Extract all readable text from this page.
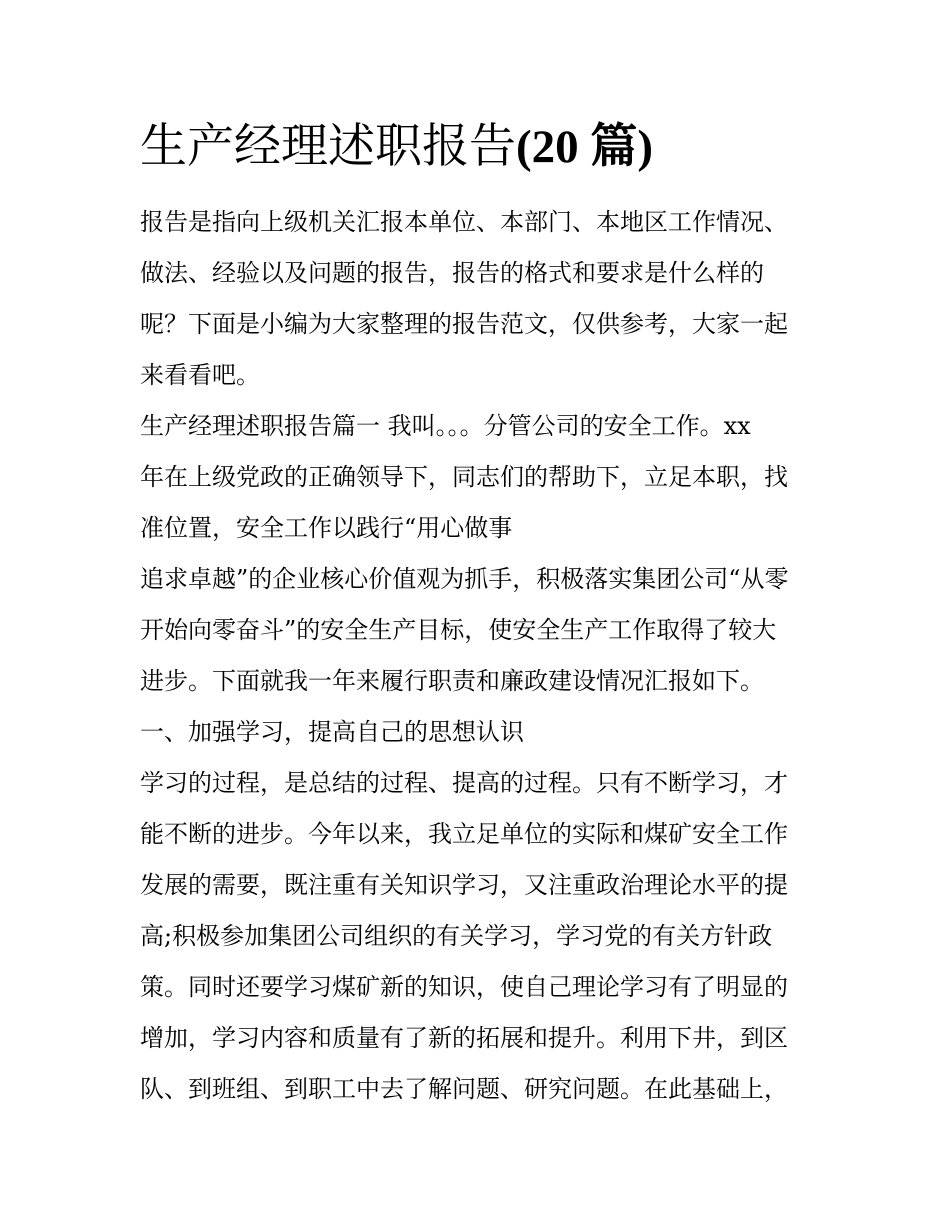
生产经理述职报告(20 篇)

报告是指向上级机关汇报本单位、本部门、本地区工作情况、

做法、经验以及问题的报告，报告的格式和要求是什么样的

呢？下面是小编为大家整理的报告范文，仅供参考，大家一起

来看看吧。

生产经理述职报告篇一 我叫。。。分管公司的安全工作。xx

年在上级党政的正确领导下，同志们的帮助下，立足本职，找

准位置，安全工作以践行“用心做事

追求卓越”的企业核心价值观为抓手，积极落实集团公司“从零

开始向零奋斗”的安全生产目标，使安全生产工作取得了较大

进步。下面就我一年来履行职责和廉政建设情况汇报如下。

一、加强学习，提高自己的思想认识

学习的过程，是总结的过程、提高的过程。只有不断学习，才

能不断的进步。今年以来，我立足单位的实际和煤矿安全工作

发展的需要，既注重有关知识学习，又注重政治理论水平的提

高;积极参加集团公司组织的有关学习，学习党的有关方针政

策。同时还要学习煤矿新的知识，使自己理论学习有了明显的

增加，学习内容和质量有了新的拓展和提升。利用下井，到区

队、到班组、到职工中去了解问题、研究问题。在此基础上，
